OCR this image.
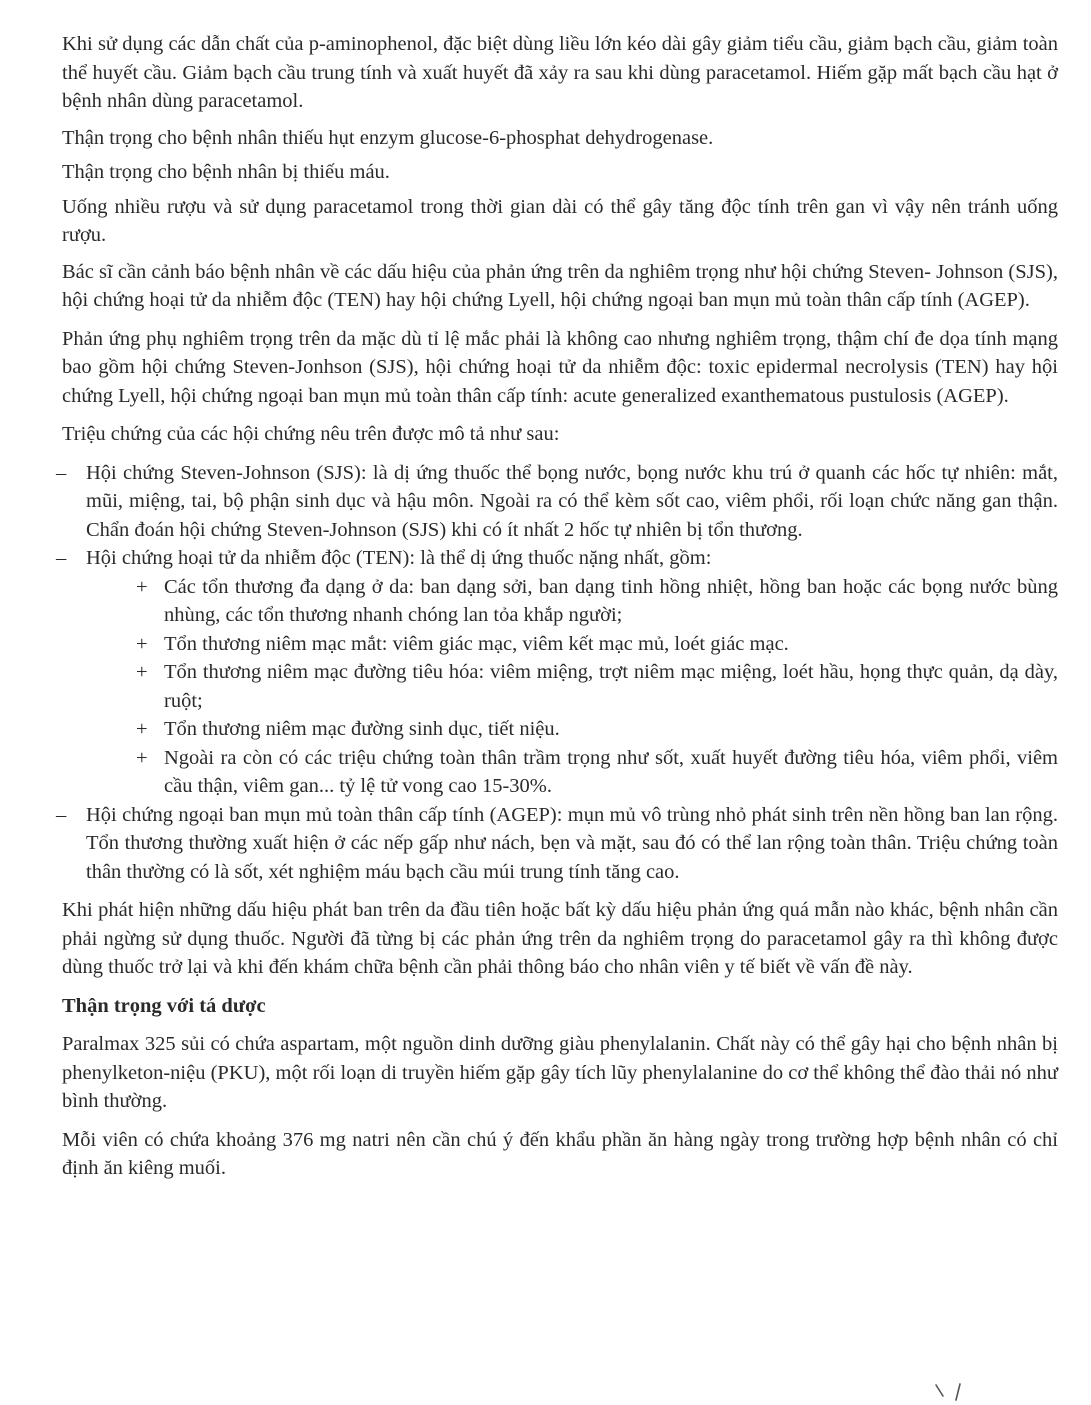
Khi sử dụng các dẫn chất của p-aminophenol, đặc biệt dùng liều lớn kéo dài gây giảm tiểu cầu, giảm bạch cầu, giảm toàn thể huyết cầu. Giảm bạch cầu trung tính và xuất huyết đã xảy ra sau khi dùng paracetamol. Hiếm gặp mất bạch cầu hạt ở bệnh nhân dùng paracetamol.

Thận trọng cho bệnh nhân thiếu hụt enzym glucose-6-phosphat dehydrogenase.

Thận trọng cho bệnh nhân bị thiếu máu.

Uống nhiều rượu và sử dụng paracetamol trong thời gian dài có thể gây tăng độc tính trên gan vì vậy nên tránh uống rượu.

Bác sĩ cần cảnh báo bệnh nhân về các dấu hiệu của phản ứng trên da nghiêm trọng như hội chứng Steven- Johnson (SJS), hội chứng hoại tử da nhiễm độc (TEN) hay hội chứng Lyell, hội chứng ngoại ban mụn mủ toàn thân cấp tính (AGEP).

Phản ứng phụ nghiêm trọng trên da mặc dù tỉ lệ mắc phải là không cao nhưng nghiêm trọng, thậm chí đe dọa tính mạng bao gồm hội chứng Steven-Jonhson (SJS), hội chứng hoại tử da nhiễm độc: toxic epidermal necrolysis (TEN) hay hội chứng Lyell, hội chứng ngoại ban mụn mủ toàn thân cấp tính: acute generalized exanthematous pustulosis (AGEP).

Triệu chứng của các hội chứng nêu trên được mô tả như sau:

– Hội chứng Steven-Johnson (SJS): là dị ứng thuốc thể bọng nước, bọng nước khu trú ở quanh các hốc tự nhiên: mắt, mũi, miệng, tai, bộ phận sinh dục và hậu môn. Ngoài ra có thể kèm sốt cao, viêm phổi, rối loạn chức năng gan thận. Chẩn đoán hội chứng Steven-Johnson (SJS) khi có ít nhất 2 hốc tự nhiên bị tổn thương.
– Hội chứng hoại tử da nhiễm độc (TEN): là thể dị ứng thuốc nặng nhất, gồm:
+ Các tổn thương đa dạng ở da: ban dạng sởi, ban dạng tinh hồng nhiệt, hồng ban hoặc các bọng nước bùng nhùng, các tổn thương nhanh chóng lan tỏa khắp người;
+ Tổn thương niêm mạc mắt: viêm giác mạc, viêm kết mạc mủ, loét giác mạc.
+ Tổn thương niêm mạc đường tiêu hóa: viêm miệng, trợt niêm mạc miệng, loét hầu, họng thực quản, dạ dày, ruột;
+ Tổn thương niêm mạc đường sinh dục, tiết niệu.
+ Ngoài ra còn có các triệu chứng toàn thân trầm trọng như sốt, xuất huyết đường tiêu hóa, viêm phổi, viêm cầu thận, viêm gan... tỷ lệ tử vong cao 15-30%.
– Hội chứng ngoại ban mụn mủ toàn thân cấp tính (AGEP): mụn mủ vô trùng nhỏ phát sinh trên nền hồng ban lan rộng. Tổn thương thường xuất hiện ở các nếp gấp như nách, bẹn và mặt, sau đó có thể lan rộng toàn thân. Triệu chứng toàn thân thường có là sốt, xét nghiệm máu bạch cầu múi trung tính tăng cao.

Khi phát hiện những dấu hiệu phát ban trên da đầu tiên hoặc bất kỳ dấu hiệu phản ứng quá mẫn nào khác, bệnh nhân cần phải ngừng sử dụng thuốc. Người đã từng bị các phản ứng trên da nghiêm trọng do paracetamol gây ra thì không được dùng thuốc trở lại và khi đến khám chữa bệnh cần phải thông báo cho nhân viên y tế biết về vấn đề này.

Thận trọng với tá dược

Paralmax 325 sủi có chứa aspartam, một nguồn dinh dưỡng giàu phenylalanin. Chất này có thể gây hại cho bệnh nhân bị phenylketon-niệu (PKU), một rối loạn di truyền hiếm gặp gây tích lũy phenylalanine do cơ thể không thể đào thải nó như bình thường.

Mỗi viên có chứa khoảng 376 mg natri nên cần chú ý đến khẩu phần ăn hàng ngày trong trường hợp bệnh nhân có chỉ định ăn kiêng muối.
